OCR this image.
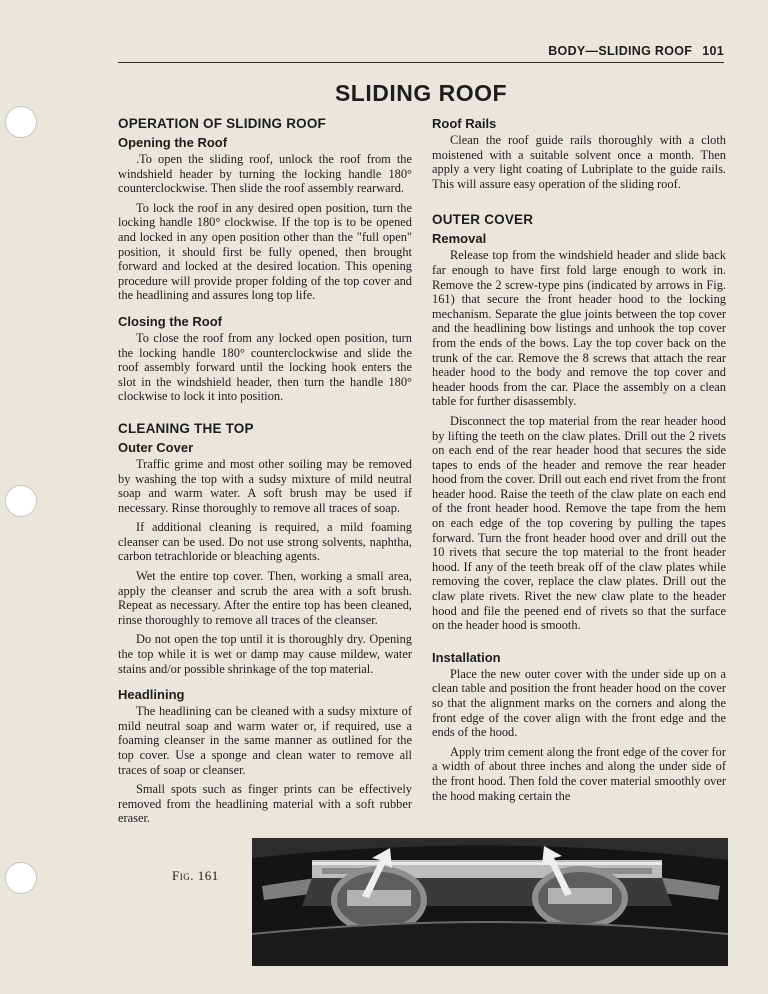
BODY—SLIDING ROOF 101
SLIDING ROOF
OPERATION OF SLIDING ROOF
Opening the Roof

.To open the sliding roof, unlock the roof from the windshield header by turning the locking handle 180° counterclockwise. Then slide the roof assembly rearward.

To lock the roof in any desired open position, turn the locking handle 180° clockwise. If the top is to be opened and locked in any open position other than the "full open" position, it should first be fully opened, then brought forward and locked at the desired location. This opening procedure will provide proper folding of the top cover and the headlining and assures long top life.

Closing the Roof

To close the roof from any locked open position, turn the locking handle 180° counterclockwise and slide the roof assembly forward until the locking hook enters the slot in the windshield header, then turn the handle 180° clockwise to lock it into position.

CLEANING THE TOP
Outer Cover

Traffic grime and most other soiling may be removed by washing the top with a sudsy mixture of mild neutral soap and warm water. A soft brush may be used if necessary. Rinse thoroughly to remove all traces of soap.

If additional cleaning is required, a mild foaming cleanser can be used. Do not use strong solvents, naphtha, carbon tetrachloride or bleaching agents.

Wet the entire top cover. Then, working a small area, apply the cleanser and scrub the area with a soft brush. Repeat as necessary. After the entire top has been cleaned, rinse thoroughly to remove all traces of the cleanser.

Do not open the top until it is thoroughly dry. Opening the top while it is wet or damp may cause mildew, water stains and/or possible shrinkage of the top material.

Headlining

The headlining can be cleaned with a sudsy mixture of mild neutral soap and warm water or, if required, use a foaming cleanser in the same manner as outlined for the top cover. Use a sponge and clean water to remove all traces of soap or cleanser.

Small spots such as finger prints can be effectively removed from the headlining material with a soft rubber eraser.

Roof Rails

Clean the roof guide rails thoroughly with a cloth moistened with a suitable solvent once a month. Then apply a very light coating of Lubriplate to the guide rails. This will assure easy operation of the sliding roof.

OUTER COVER
Removal

Release top from the windshield header and slide back far enough to have first fold large enough to work in. Remove the 2 screw-type pins (indicated by arrows in Fig. 161) that secure the front header hood to the locking mechanism. Separate the glue joints between the top cover and the headlining bow listings and unhook the top cover from the ends of the bows. Lay the top cover back on the trunk of the car. Remove the 8 screws that attach the rear header hood to the body and remove the top cover and header hoods from the car. Place the assembly on a clean table for further disassembly.

Disconnect the top material from the rear header hood by lifting the teeth on the claw plates. Drill out the 2 rivets on each end of the rear header hood that secures the side tapes to ends of the header and remove the rear header hood from the cover. Drill out each end rivet from the front header hood. Raise the teeth of the claw plate on each end of the front header hood. Remove the tape from the hem on each edge of the top covering by pulling the tapes forward. Turn the front header hood over and drill out the 10 rivets that secure the top material to the front header hood. If any of the teeth break off of the claw plates while removing the cover, replace the claw plates. Drill out the claw plate rivets. Rivet the new claw plate to the header hood and file the peened end of rivets so that the surface on the header hood is smooth.

Installation

Place the new outer cover with the under side up on a clean table and position the front header hood on the cover so that the alignment marks on the corners and along the front edge of the cover align with the front edge and the ends of the hood.

Apply trim cement along the front edge of the cover for a width of about three inches and along the under side of the front hood. Then fold the cover material smoothly over the hood making certain the

Fig. 161
